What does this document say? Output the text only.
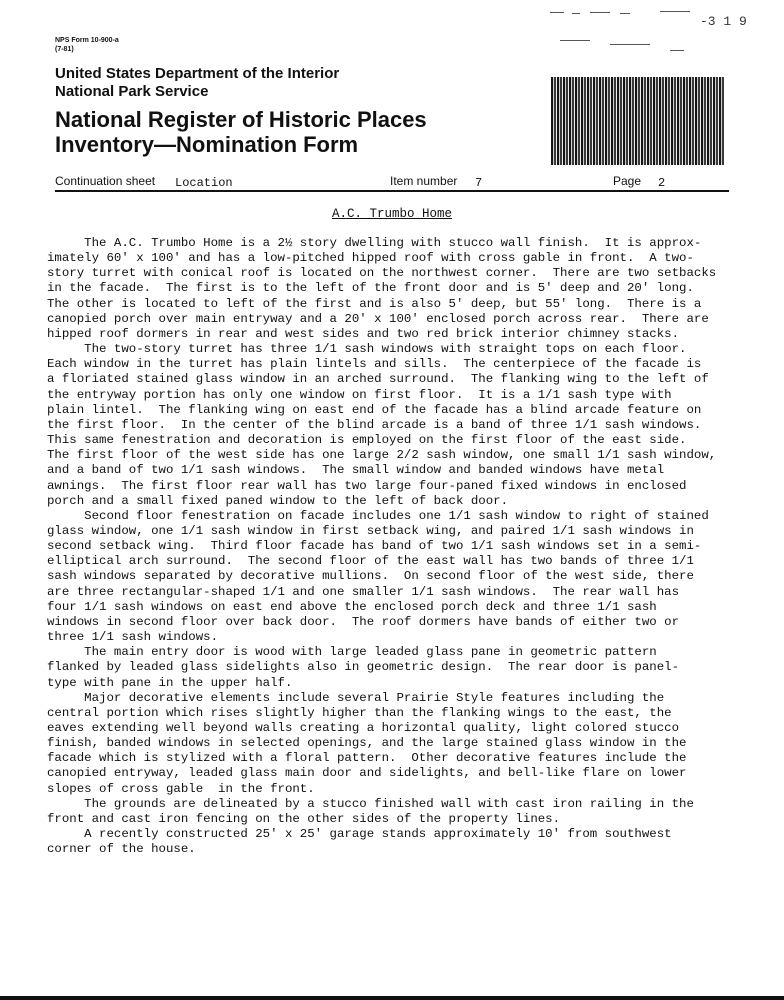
NPS Form 10-900-a
(7-81)
United States Department of the Interior
National Park Service
National Register of Historic Places
Inventory—Nomination Form
-3 1 9
Continuation sheet Location	Item number 7	Page 2
A.C. Trumbo Home
The A.C. Trumbo Home is a 2½ story dwelling with stucco wall finish.  It is approx-
imately 60' x 100' and has a low-pitched hipped roof with cross gable in front.  A two-
story turret with conical roof is located on the northwest corner.  There are two setbacks
in the facade.  The first is to the left of the front door and is 5' deep and 20' long.
The other is located to left of the first and is also 5' deep, but 55' long.  There is a
canopied porch over main entryway and a 20' x 100' enclosed porch across rear.  There are
hipped roof dormers in rear and west sides and two red brick interior chimney stacks.
The two-story turret has three 1/1 sash windows with straight tops on each floor.
Each window in the turret has plain lintels and sills.  The centerpiece of the facade is
a floriated stained glass window in an arched surround.  The flanking wing to the left of
the entryway portion has only one window on first floor.  It is a 1/1 sash type with
plain lintel.  The flanking wing on east end of the facade has a blind arcade feature on
the first floor.  In the center of the blind arcade is a band of three 1/1 sash windows.
This same fenestration and decoration is employed on the first floor of the east side.
The first floor of the west side has one large 2/2 sash window, one small 1/1 sash window,
and a band of two 1/1 sash windows.  The small window and banded windows have metal
awnings.  The first floor rear wall has two large four-paned fixed windows in enclosed
porch and a small fixed paned window to the left of back door.
Second floor fenestration on facade includes one 1/1 sash window to right of stained
glass window, one 1/1 sash window in first setback wing, and paired 1/1 sash windows in
second setback wing.  Third floor facade has band of two 1/1 sash windows set in a semi-
elliptical arch surround.  The second floor of the east wall has two bands of three 1/1
sash windows separated by decorative mullions.  On second floor of the west side, there
are three rectangular-shaped 1/1 and one smaller 1/1 sash windows.  The rear wall has
four 1/1 sash windows on east end above the enclosed porch deck and three 1/1 sash
windows in second floor over back door.  The roof dormers have bands of either two or
three 1/1 sash windows.
The main entry door is wood with large leaded glass pane in geometric pattern
flanked by leaded glass sidelights also in geometric design.  The rear door is panel-
type with pane in the upper half.
Major decorative elements include several Prairie Style features including the
central portion which rises slightly higher than the flanking wings to the east, the
eaves extending well beyond walls creating a horizontal quality, light colored stucco
finish, banded windows in selected openings, and the large stained glass window in the
facade which is stylized with a floral pattern.  Other decorative features include the
canopied entryway, leaded glass main door and sidelights, and bell-like flare on lower
slopes of cross gable  in the front.
The grounds are delineated by a stucco finished wall with cast iron railing in the
front and cast iron fencing on the other sides of the property lines.
A recently constructed 25' x 25' garage stands approximately 10' from southwest
corner of the house.
